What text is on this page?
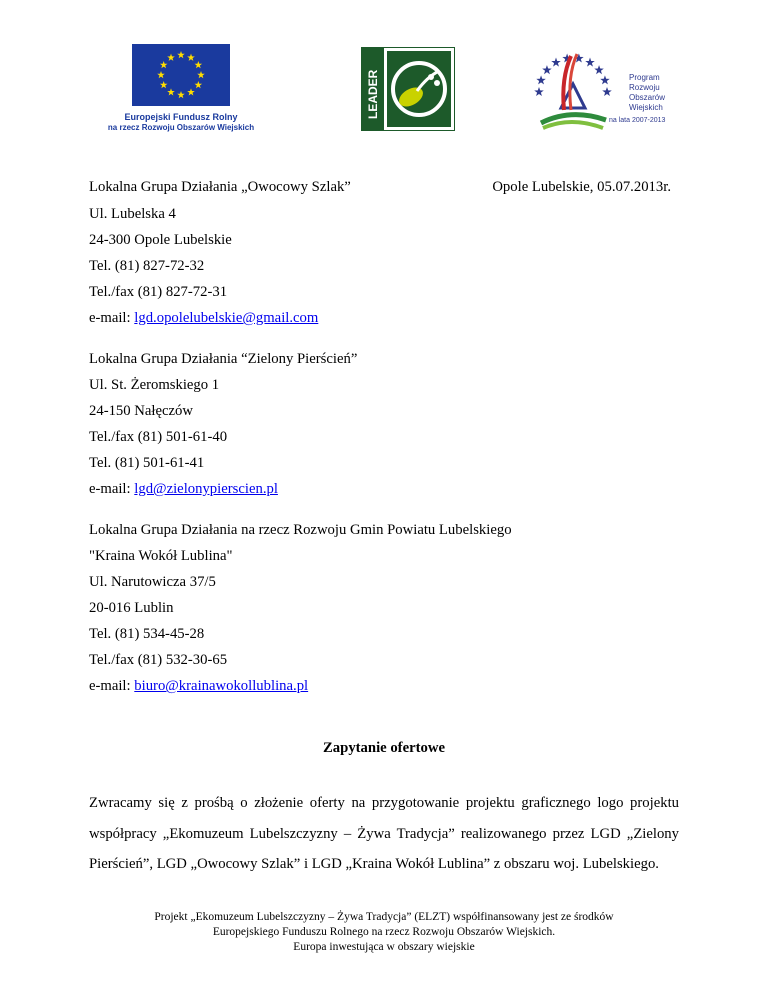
Europejski Fundusz Rolny
na rzecz Rozwoju Obszarów Wiejskich
LEADER	Program
Rozwoju
Obszarów
Wiejskich
na lata 2007-2013
Lokalna Grupa Działania „Owocowy Szlak”	Opole Lubelskie, 05.07.2013r.
Ul. Lubelska 4
24-300 Opole Lubelskie
Tel. (81) 827-72-32
Tel./fax (81) 827-72-31
e-mail: lgd.opolelubelskie@gmail.com
Lokalna Grupa Działania “Zielony Pierścień”
Ul. St. Żeromskiego 1
24-150 Nałęczów
Tel./fax (81) 501-61-40
Tel. (81) 501-61-41
e-mail: lgd@zielonypierscien.pl
Lokalna Grupa Działania na rzecz Rozwoju Gmin Powiatu Lubelskiego
"Kraina Wokół Lublina"
Ul. Narutowicza 37/5
20-016 Lublin
Tel. (81) 534-45-28
Tel./fax (81) 532-30-65
e-mail: biuro@krainawokollublina.pl
Zapytanie ofertowe

Zwracamy się z prośbą o złożenie oferty na przygotowanie projektu graficznego logo projektu współpracy „Ekomuzeum Lubelszczyzny – Żywa Tradycja” realizowanego przez LGD „Zielony Pierścień”, LGD „Owocowy Szlak” i LGD „Kraina Wokół Lublina” z obszaru woj. Lubelskiego.

Projekt „Ekomuzeum Lubelszczyzny – Żywa Tradycja” (ELZT) współfinansowany jest ze środków
Europejskiego Funduszu Rolnego na rzecz Rozwoju Obszarów Wiejskich.
Europa inwestująca w obszary wiejskie
